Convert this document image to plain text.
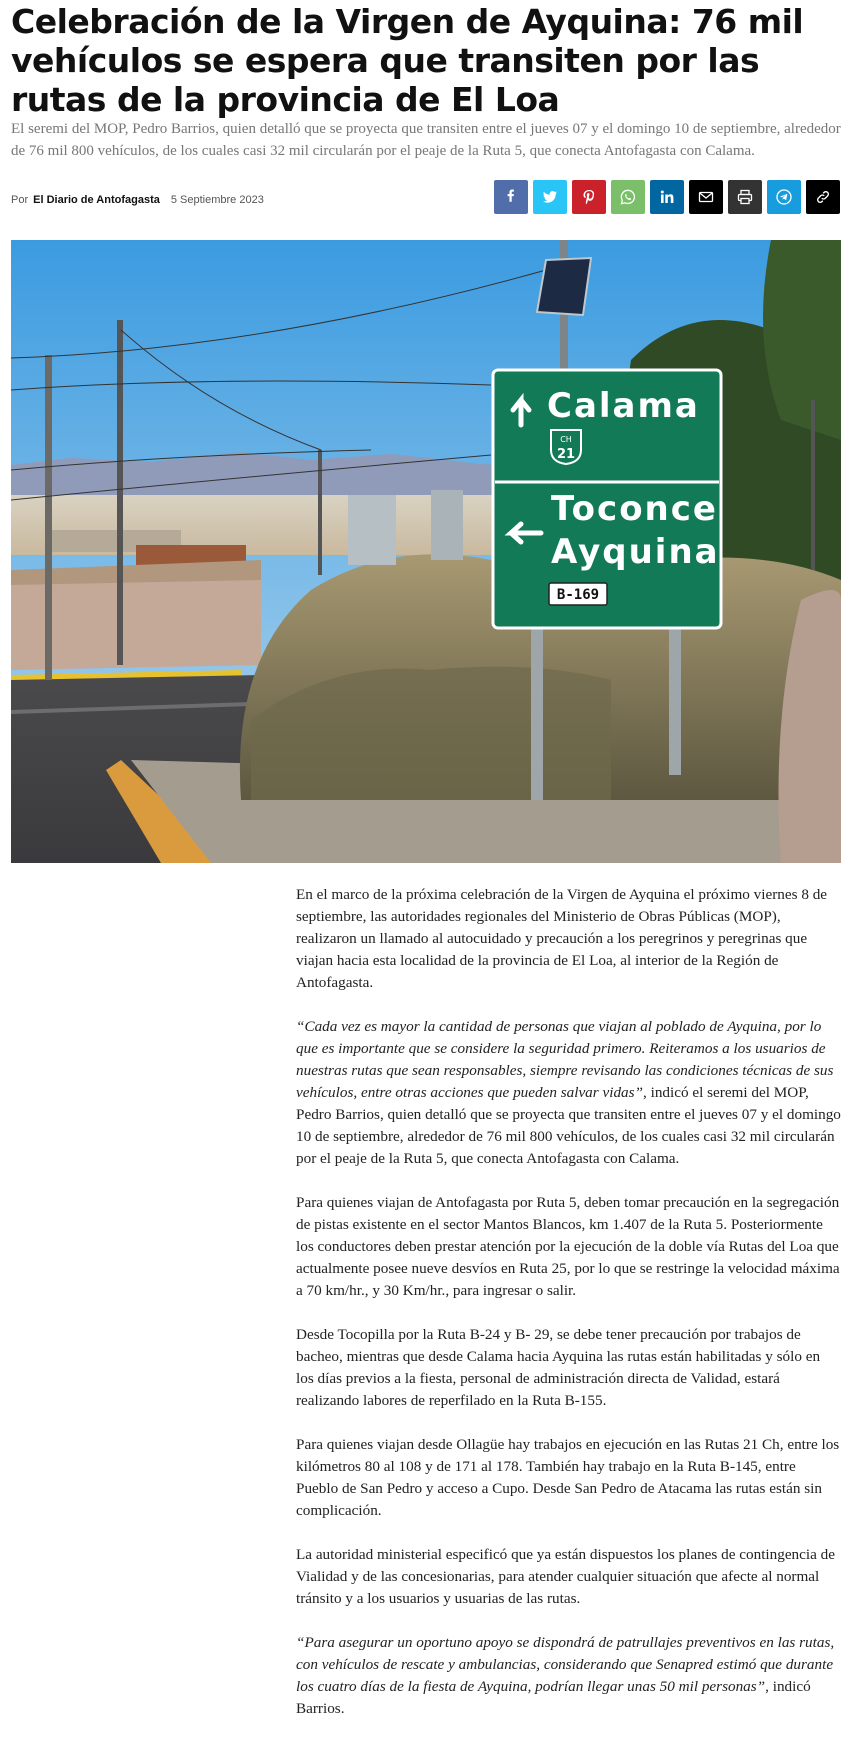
Celebración de la Virgen de Ayquina: 76 mil vehículos se espera que transiten por las rutas de la provincia de El Loa

El seremi del MOP, Pedro Barrios, quien detalló que se proyecta que transiten entre el jueves 07 y el domingo 10 de septiembre, alrededor de 76 mil 800 vehículos, de los cuales casi 32 mil circularán por el peaje de la Ruta 5, que conecta Antofagasta con Calama.

Por El Diario de Antofagasta 5 Septiembre 2023
Calama
CH
21
Toconce
Ayquina
B-169

En el marco de la próxima celebración de la Virgen de Ayquina el próximo viernes 8 de septiembre, las autoridades regionales del Ministerio de Obras Públicas (MOP), realizaron un llamado al autocuidado y precaución a los peregrinos y peregrinas que viajan hacia esta localidad de la provincia de El Loa, al interior de la Región de Antofagasta.

“Cada vez es mayor la cantidad de personas que viajan al poblado de Ayquina, por lo que es importante que se considere la seguridad primero. Reiteramos a los usuarios de nuestras rutas que sean responsables, siempre revisando las condiciones técnicas de sus vehículos, entre otras acciones que pueden salvar vidas”, indicó el seremi del MOP, Pedro Barrios, quien detalló que se proyecta que transiten entre el jueves 07 y el domingo 10 de septiembre, alrededor de 76 mil 800 vehículos, de los cuales casi 32 mil circularán por el peaje de la Ruta 5, que conecta Antofagasta con Calama.

Para quienes viajan de Antofagasta por Ruta 5, deben tomar precaución en la segregación de pistas existente en el sector Mantos Blancos, km 1.407 de la Ruta 5. Posteriormente los conductores deben prestar atención por la ejecución de la doble vía Rutas del Loa que actualmente posee nueve desvíos en Ruta 25, por lo que se restringe la velocidad máxima a 70 km/hr., y 30 Km/hr., para ingresar o salir.

Desde Tocopilla por la Ruta B-24 y B- 29, se debe tener precaución por trabajos de bacheo, mientras que desde Calama hacia Ayquina las rutas están habilitadas y sólo en los días previos a la fiesta, personal de administración directa de Validad, estará realizando labores de reperfilado en la Ruta B-155.

Para quienes viajan desde Ollagüe hay trabajos en ejecución en las Rutas 21 Ch, entre los kilómetros 80 al 108 y de 171 al 178. También hay trabajo en la Ruta B-145, entre Pueblo de San Pedro y acceso a Cupo. Desde San Pedro de Atacama las rutas están sin complicación.

La autoridad ministerial especificó que ya están dispuestos los planes de contingencia de Vialidad y de las concesionarias, para atender cualquier situación que afecte al normal tránsito y a los usuarios y usuarias de las rutas.

“Para asegurar un oportuno apoyo se dispondrá de patrullajes preventivos en las rutas, con vehículos de rescate y ambulancias, considerando que Senapred estimó que durante los cuatro días de la fiesta de Ayquina, podrían llegar unas 50 mil personas”, indicó Barrios.
